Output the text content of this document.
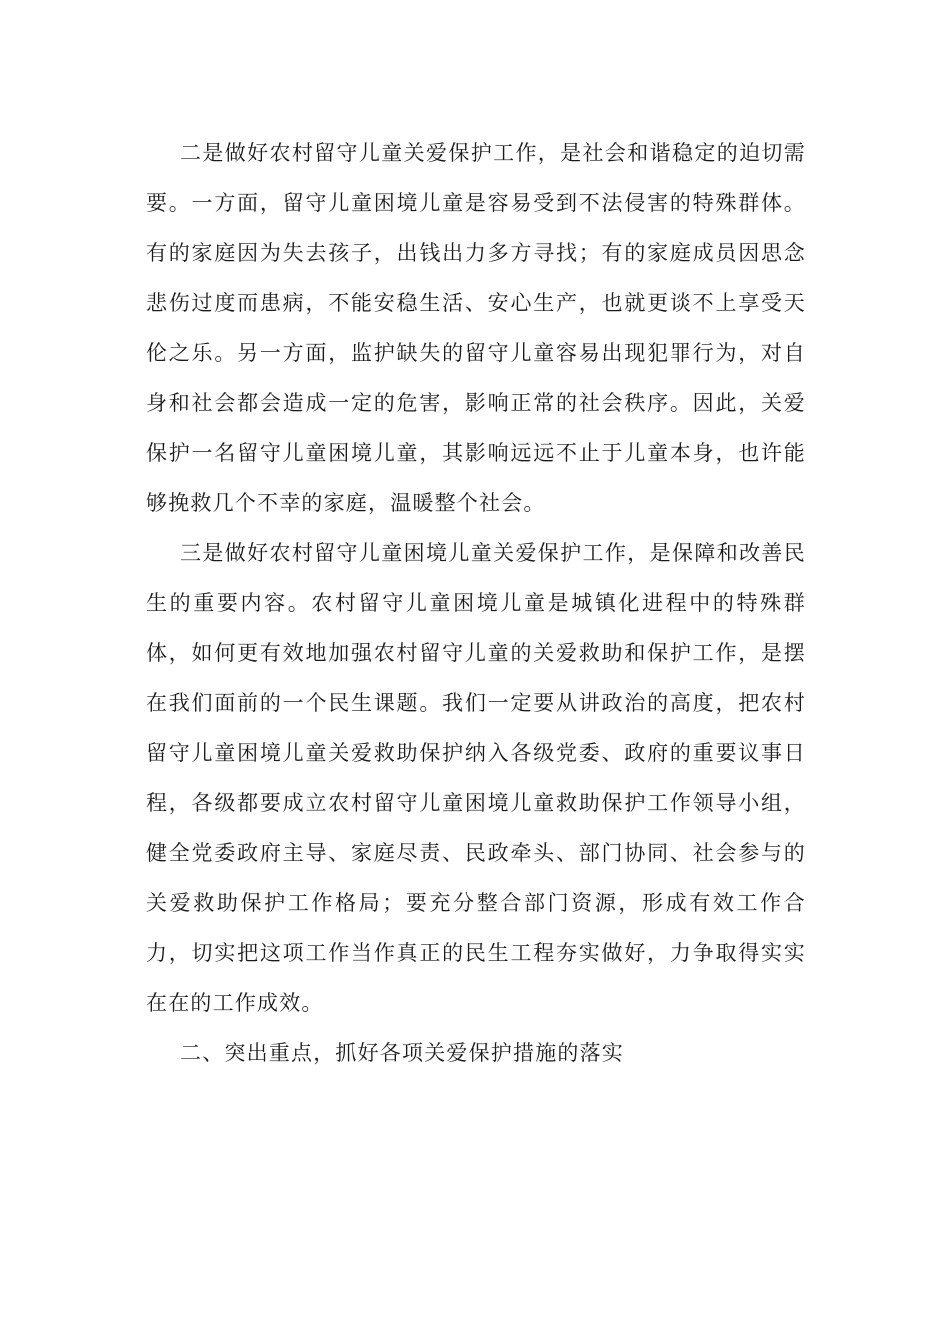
二是做好农村留守儿童关爱保护工作，是社会和谐稳定的迫切需要。一方面，留守儿童困境儿童是容易受到不法侵害的特殊群体。有的家庭因为失去孩子，出钱出力多方寻找；有的家庭成员因思念悲伤过度而患病，不能安稳生活、安心生产，也就更谈不上享受天伦之乐。另一方面，监护缺失的留守儿童容易出现犯罪行为，对自身和社会都会造成一定的危害，影响正常的社会秩序。因此，关爱保护一名留守儿童困境儿童，其影响远远不止于儿童本身，也许能够挽救几个不幸的家庭，温暖整个社会。

三是做好农村留守儿童困境儿童关爱保护工作，是保障和改善民生的重要内容。农村留守儿童困境儿童是城镇化进程中的特殊群体，如何更有效地加强农村留守儿童的关爱救助和保护工作，是摆在我们面前的一个民生课题。我们一定要从讲政治的高度，把农村留守儿童困境儿童关爱救助保护纳入各级党委、政府的重要议事日程，各级都要成立农村留守儿童困境儿童救助保护工作领导小组，健全党委政府主导、家庭尽责、民政牵头、部门协同、社会参与的关爱救助保护工作格局；要充分整合部门资源，形成有效工作合力，切实把这项工作当作真正的民生工程夯实做好，力争取得实实在在的工作成效。

二、突出重点，抓好各项关爱保护措施的落实
